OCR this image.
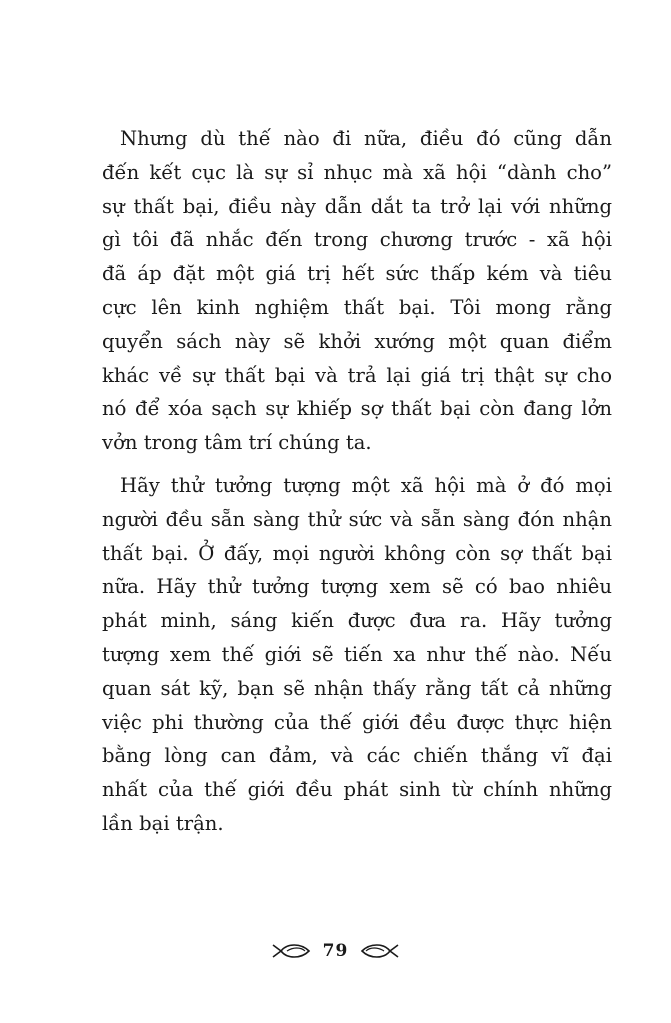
Nhưng dù thế nào đi nữa, điều đó cũng dẫn
đến kết cục là sự sỉ nhục mà xã hội “dành cho”
sự thất bại, điều này dẫn dắt ta trở lại với những
gì tôi đã nhắc đến trong chương trước - xã hội
đã áp đặt một giá trị hết sức thấp kém và tiêu
cực lên kinh nghiệm thất bại. Tôi mong rằng
quyển sách này sẽ khởi xướng một quan điểm
khác về sự thất bại và trả lại giá trị thật sự cho
nó để xóa sạch sự khiếp sợ thất bại còn đang lởn
vởn trong tâm trí chúng ta.

Hãy thử tưởng tượng một xã hội mà ở đó mọi
người đều sẵn sàng thử sức và sẵn sàng đón nhận
thất bại. Ở đấy, mọi người không còn sợ thất bại
nữa. Hãy thử tưởng tượng xem sẽ có bao nhiêu
phát minh, sáng kiến được đưa ra. Hãy tưởng
tượng xem thế giới sẽ tiến xa như thế nào. Nếu
quan sát kỹ, bạn sẽ nhận thấy rằng tất cả những
việc phi thường của thế giới đều được thực hiện
bằng lòng can đảm, và các chiến thắng vĩ đại
nhất của thế giới đều phát sinh từ chính những
lần bại trận.

79
